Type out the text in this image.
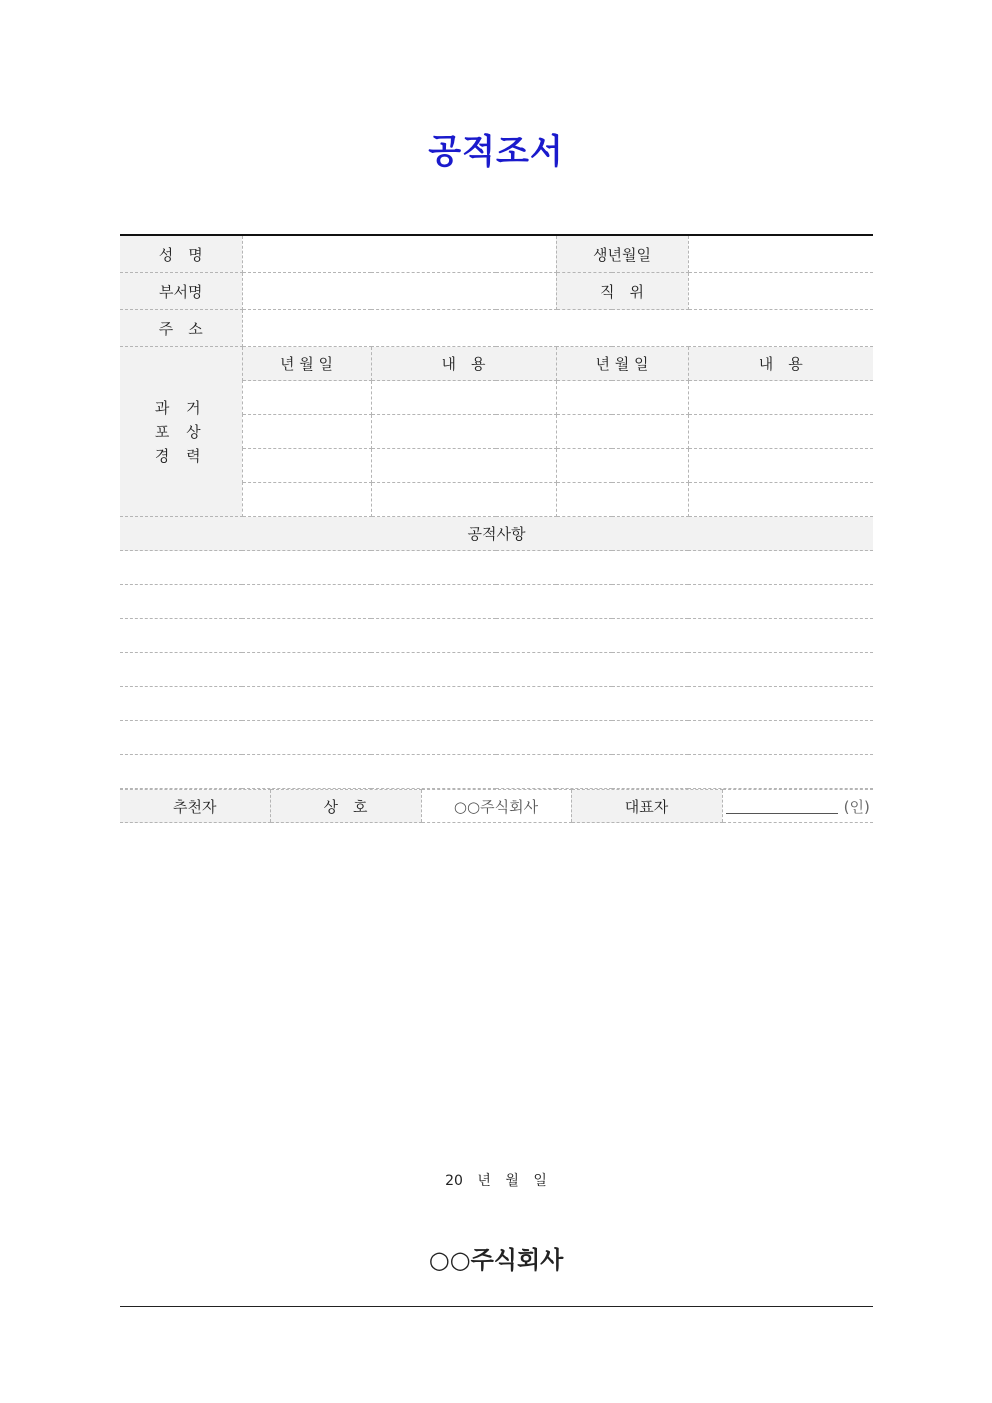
공적조서
성　명			생년월일	
부서명			직　위	
주　소				

과 거
포 상
경 력	년 월 일	내　용	년 월 일	내　용

공적사항				

추천자	상　호	○○주식회사	대표자	(인)
20 년 월 일
○○주식회사
